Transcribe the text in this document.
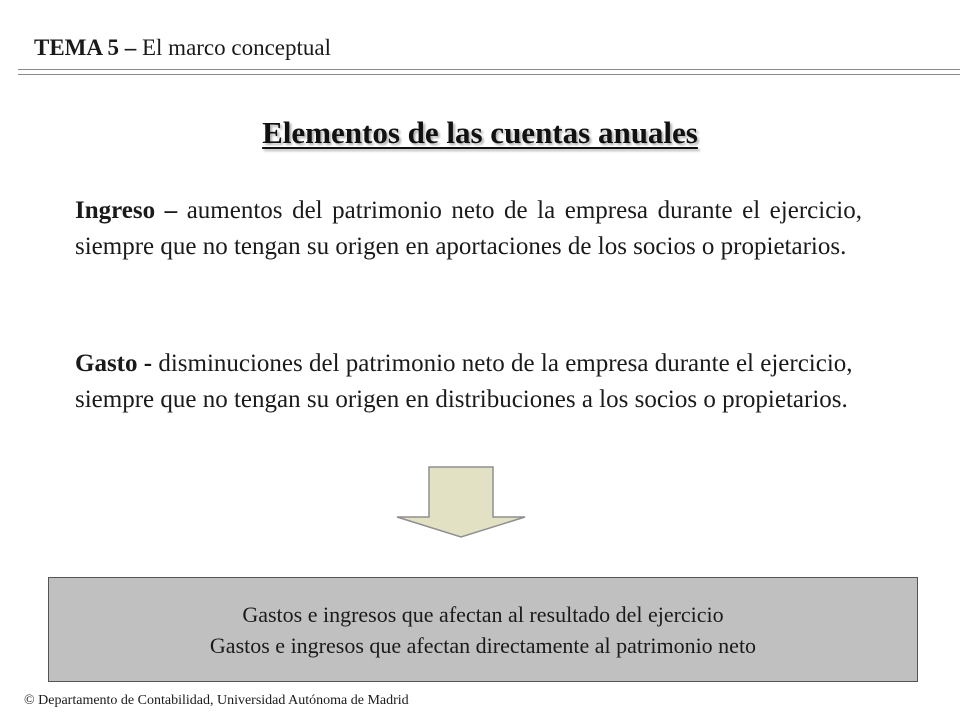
TEMA 5 – El marco conceptual
Elementos de las cuentas anuales
Ingreso – aumentos del patrimonio neto de la empresa durante el ejercicio, siempre que no tengan su origen en aportaciones de los socios o propietarios.
Gasto - disminuciones del patrimonio neto de la empresa durante el ejercicio, siempre que no tengan su origen en distribuciones a los socios o propietarios.
Gastos e ingresos que afectan al resultado del ejercicio
Gastos e ingresos que afectan directamente al patrimonio neto
© Departamento de Contabilidad, Universidad Autónoma de Madrid
